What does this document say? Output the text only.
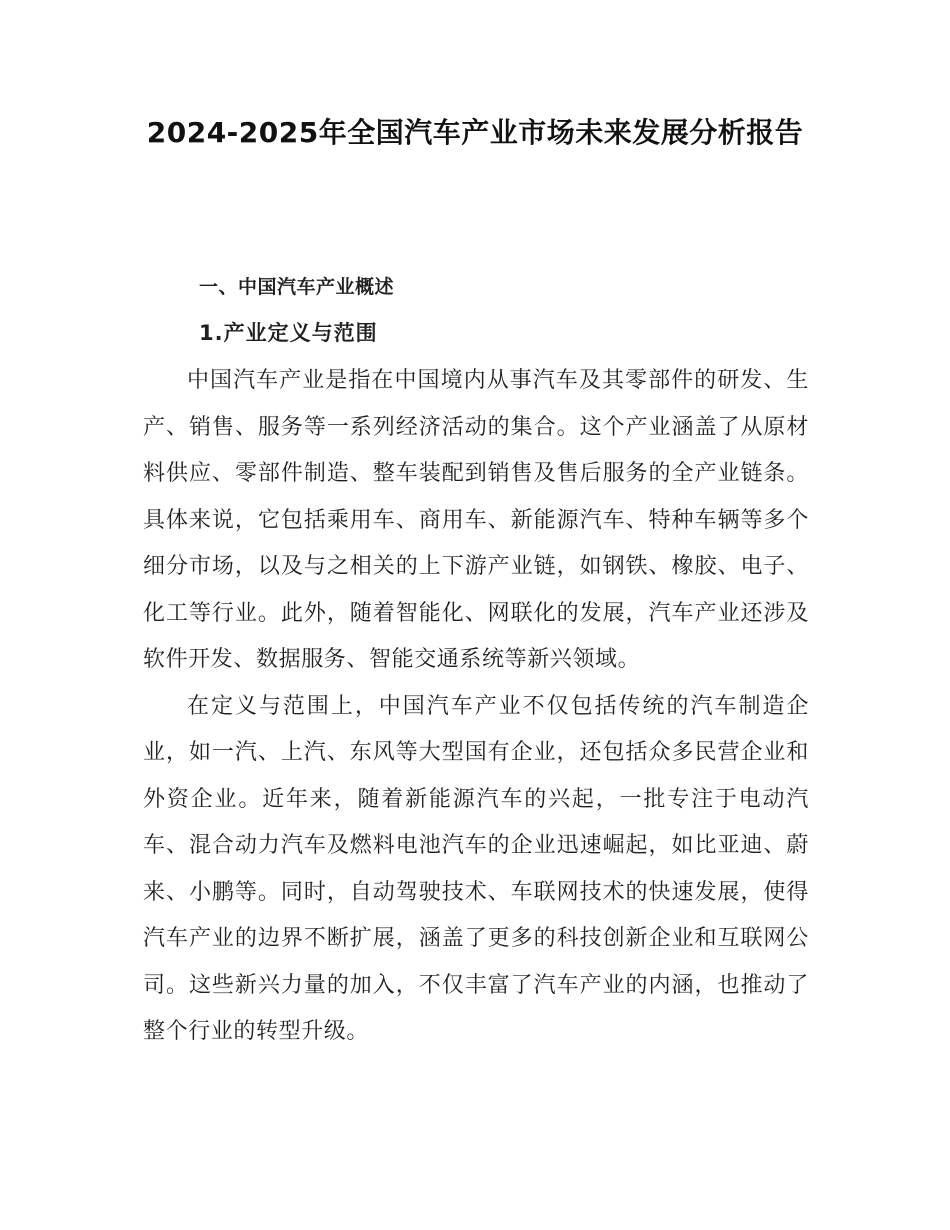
2024-2025年全国汽车产业市场未来发展分析报告
一、中国汽车产业概述
1.产业定义与范围

中国汽车产业是指在中国境内从事汽车及其零部件的研发、生产、销售、服务等一系列经济活动的集合。这个产业涵盖了从原材料供应、零部件制造、整车装配到销售及售后服务的全产业链条。具体来说，它包括乘用车、商用车、新能源汽车、特种车辆等多个细分市场，以及与之相关的上下游产业链，如钢铁、橡胶、电子、化工等行业。此外，随着智能化、网联化的发展，汽车产业还涉及软件开发、数据服务、智能交通系统等新兴领域。

在定义与范围上，中国汽车产业不仅包括传统的汽车制造企业，如一汽、上汽、东风等大型国有企业，还包括众多民营企业和外资企业。近年来，随着新能源汽车的兴起，一批专注于电动汽车、混合动力汽车及燃料电池汽车的企业迅速崛起，如比亚迪、蔚来、小鹏等。同时，自动驾驶技术、车联网技术的快速发展，使得汽车产业的边界不断扩展，涵盖了更多的科技创新企业和互联网公司。这些新兴力量的加入，不仅丰富了汽车产业的内涵，也推动了整个行业的转型升级。
